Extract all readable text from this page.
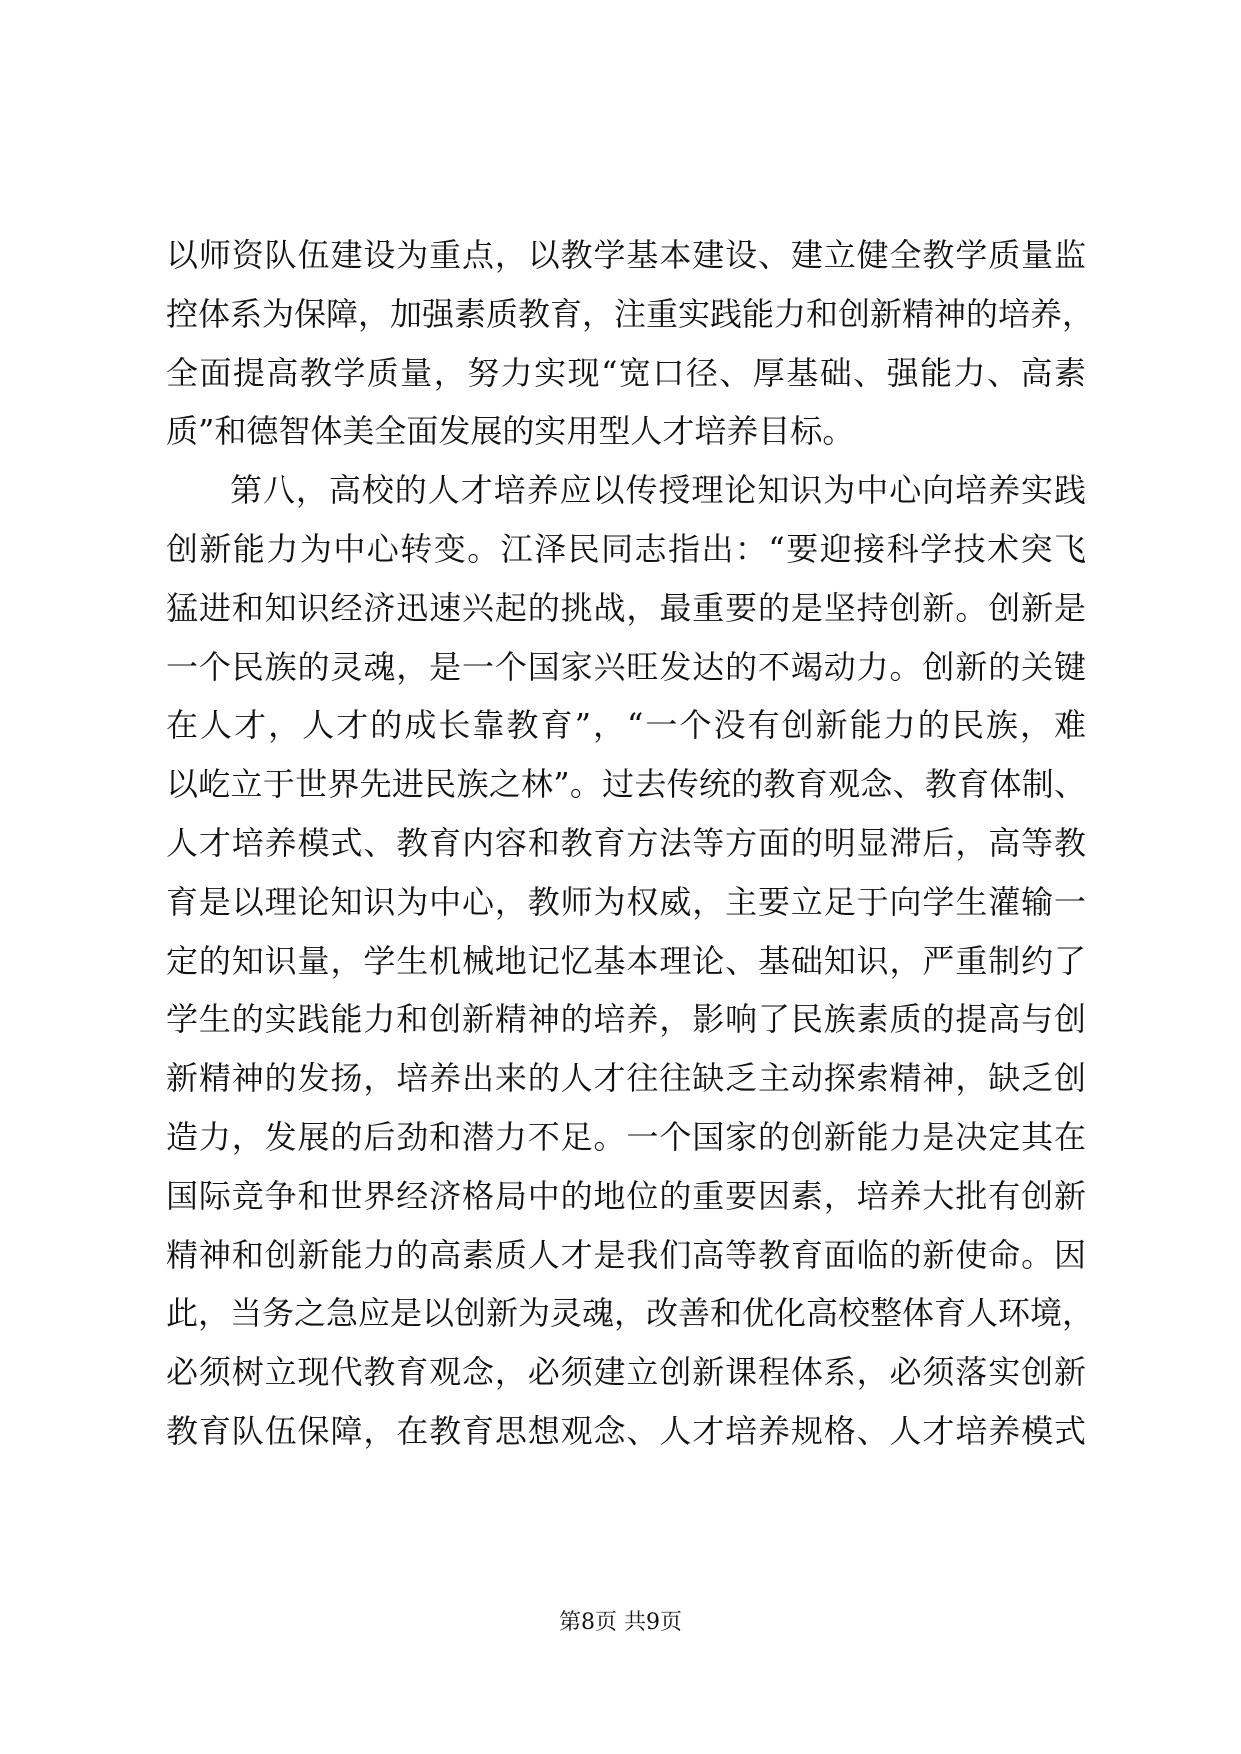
以师资队伍建设为重点，以教学基本建设、建立健全教学质量监
控体系为保障，加强素质教育，注重实践能力和创新精神的培养，
全面提高教学质量，努力实现“宽口径、厚基础、强能力、高素
质”和德智体美全面发展的实用型人才培养目标。
第八，高校的人才培养应以传授理论知识为中心向培养实践
创新能力为中心转变。江泽民同志指出：“要迎接科学技术突飞
猛进和知识经济迅速兴起的挑战，最重要的是坚持创新。创新是
一个民族的灵魂，是一个国家兴旺发达的不竭动力。创新的关键
在人才，人才的成长靠教育”，“一个没有创新能力的民族，难
以屹立于世界先进民族之林”。过去传统的教育观念、教育体制、
人才培养模式、教育内容和教育方法等方面的明显滞后，高等教
育是以理论知识为中心，教师为权威，主要立足于向学生灌输一
定的知识量，学生机械地记忆基本理论、基础知识，严重制约了
学生的实践能力和创新精神的培养，影响了民族素质的提高与创
新精神的发扬，培养出来的人才往往缺乏主动探索精神，缺乏创
造力，发展的后劲和潜力不足。一个国家的创新能力是决定其在
国际竞争和世界经济格局中的地位的重要因素，培养大批有创新
精神和创新能力的高素质人才是我们高等教育面临的新使命。因
此，当务之急应是以创新为灵魂，改善和优化高校整体育人环境，
必须树立现代教育观念，必须建立创新课程体系，必须落实创新
教育队伍保障，在教育思想观念、人才培养规格、人才培养模式
第8页 共9页
